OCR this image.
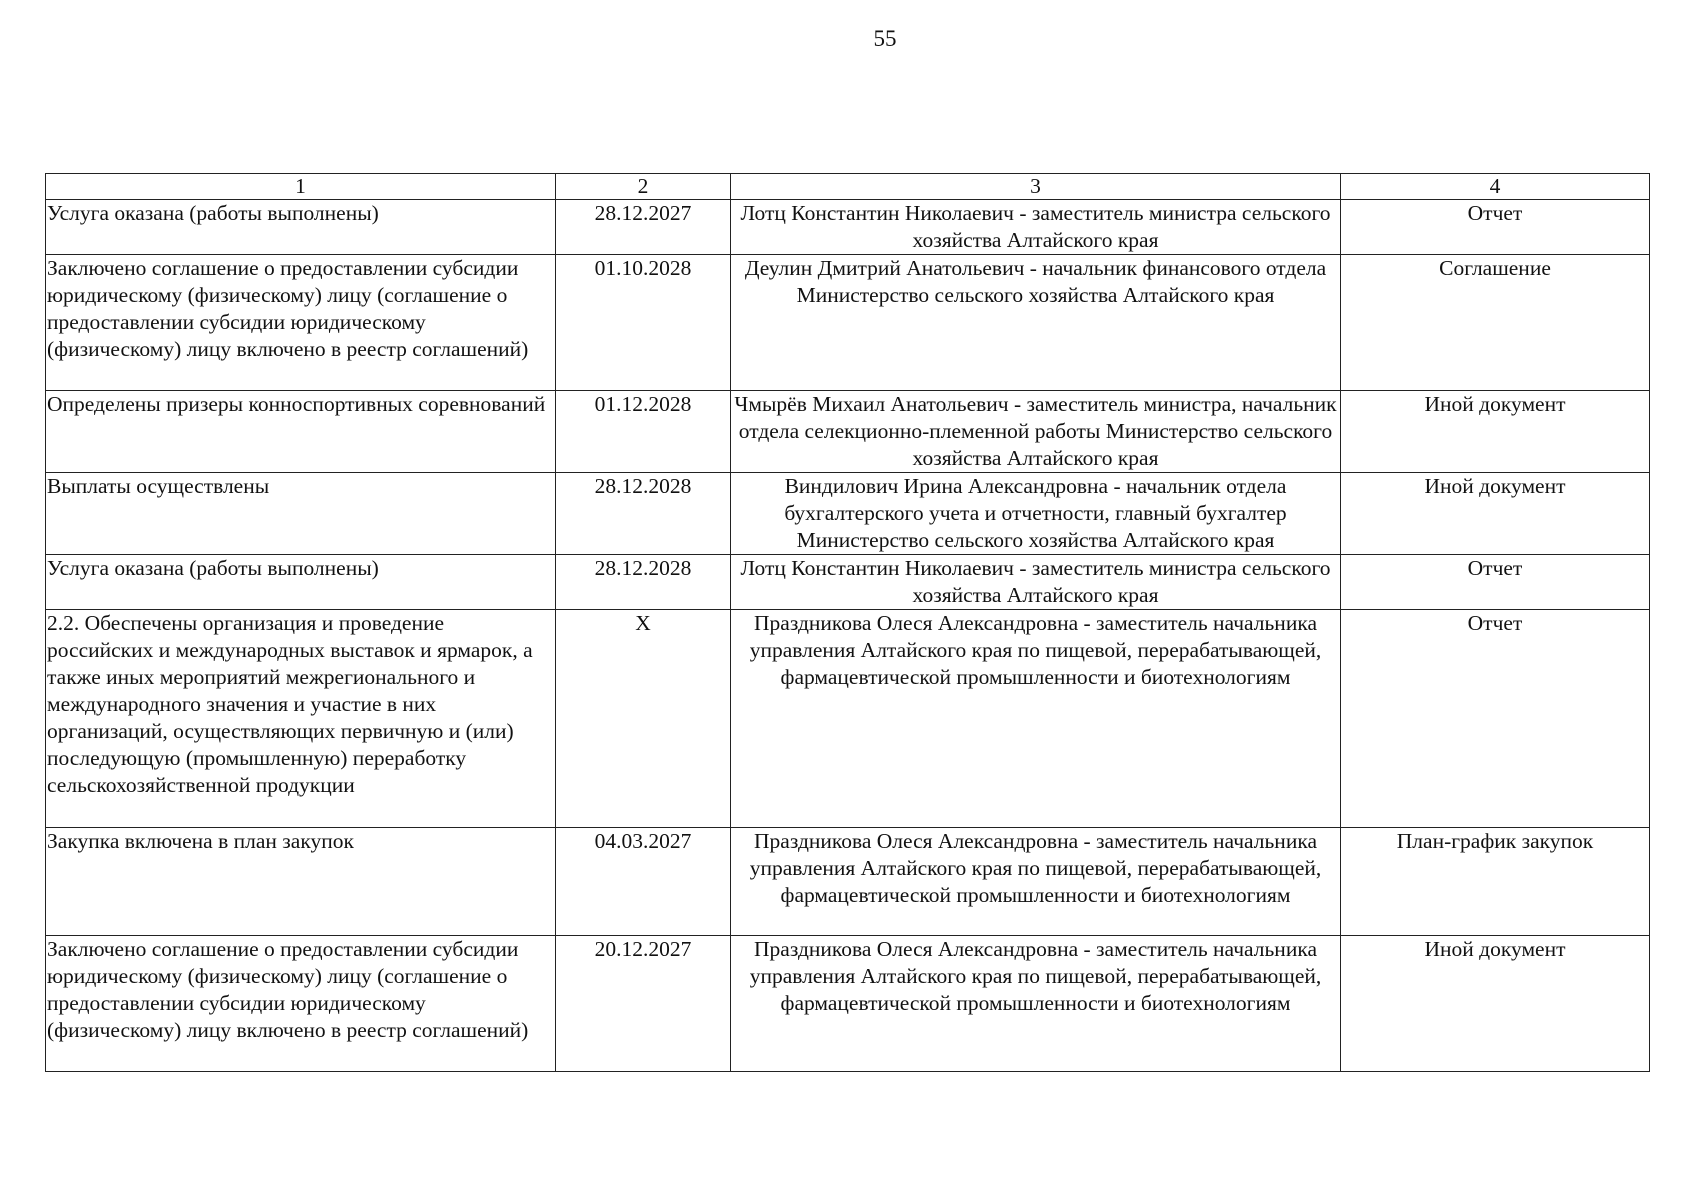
55
1	2	3	4
Услуга оказана (работы выполнены)	28.12.2027	Лотц Константин Николаевич - заместитель министра сельского хозяйства Алтайского края	Отчет
Заключено соглашение о предоставлении субсидии юридическому (физическому) лицу (соглашение о предоставлении субсидии юридическому (физическому) лицу включено в реестр соглашений)	01.10.2028	Деулин Дмитрий Анатольевич - начальник финансового отдела Министерство сельского хозяйства Алтайского края	Соглашение
Определены призеры конноспортивных соревнований	01.12.2028	Чмырёв Михаил Анатольевич - заместитель министра, начальник отдела селекционно-племенной работы Министерство сельского хозяйства Алтайского края	Иной документ
Выплаты осуществлены	28.12.2028	Виндилович Ирина Александровна - начальник отдела бухгалтерского учета и отчетности, главный бухгалтер Министерство сельского хозяйства Алтайского края	Иной документ
Услуга оказана (работы выполнены)	28.12.2028	Лотц Константин Николаевич - заместитель министра сельского хозяйства Алтайского края	Отчет
2.2. Обеспечены организация и проведение российских и международных выставок и ярмарок, а также иных мероприятий межрегионального и международного значения и участие в них организаций, осуществляющих первичную и (или) последующую (промышленную) переработку сельскохозяйственной продукции	X	Праздникова Олеся Александровна - заместитель начальника управления Алтайского края по пищевой, перерабатывающей, фармацевтической промышленности и биотехнологиям	Отчет
Закупка включена в план закупок	04.03.2027	Праздникова Олеся Александровна - заместитель начальника управления Алтайского края по пищевой, перерабатывающей, фармацевтической промышленности и биотехнологиям	План-график закупок
Заключено соглашение о предоставлении субсидии юридическому (физическому) лицу (соглашение о предоставлении субсидии юридическому (физическому) лицу включено в реестр соглашений)	20.12.2027	Праздникова Олеся Александровна - заместитель начальника управления Алтайского края по пищевой, перерабатывающей, фармацевтической промышленности и биотехнологиям	Иной документ
